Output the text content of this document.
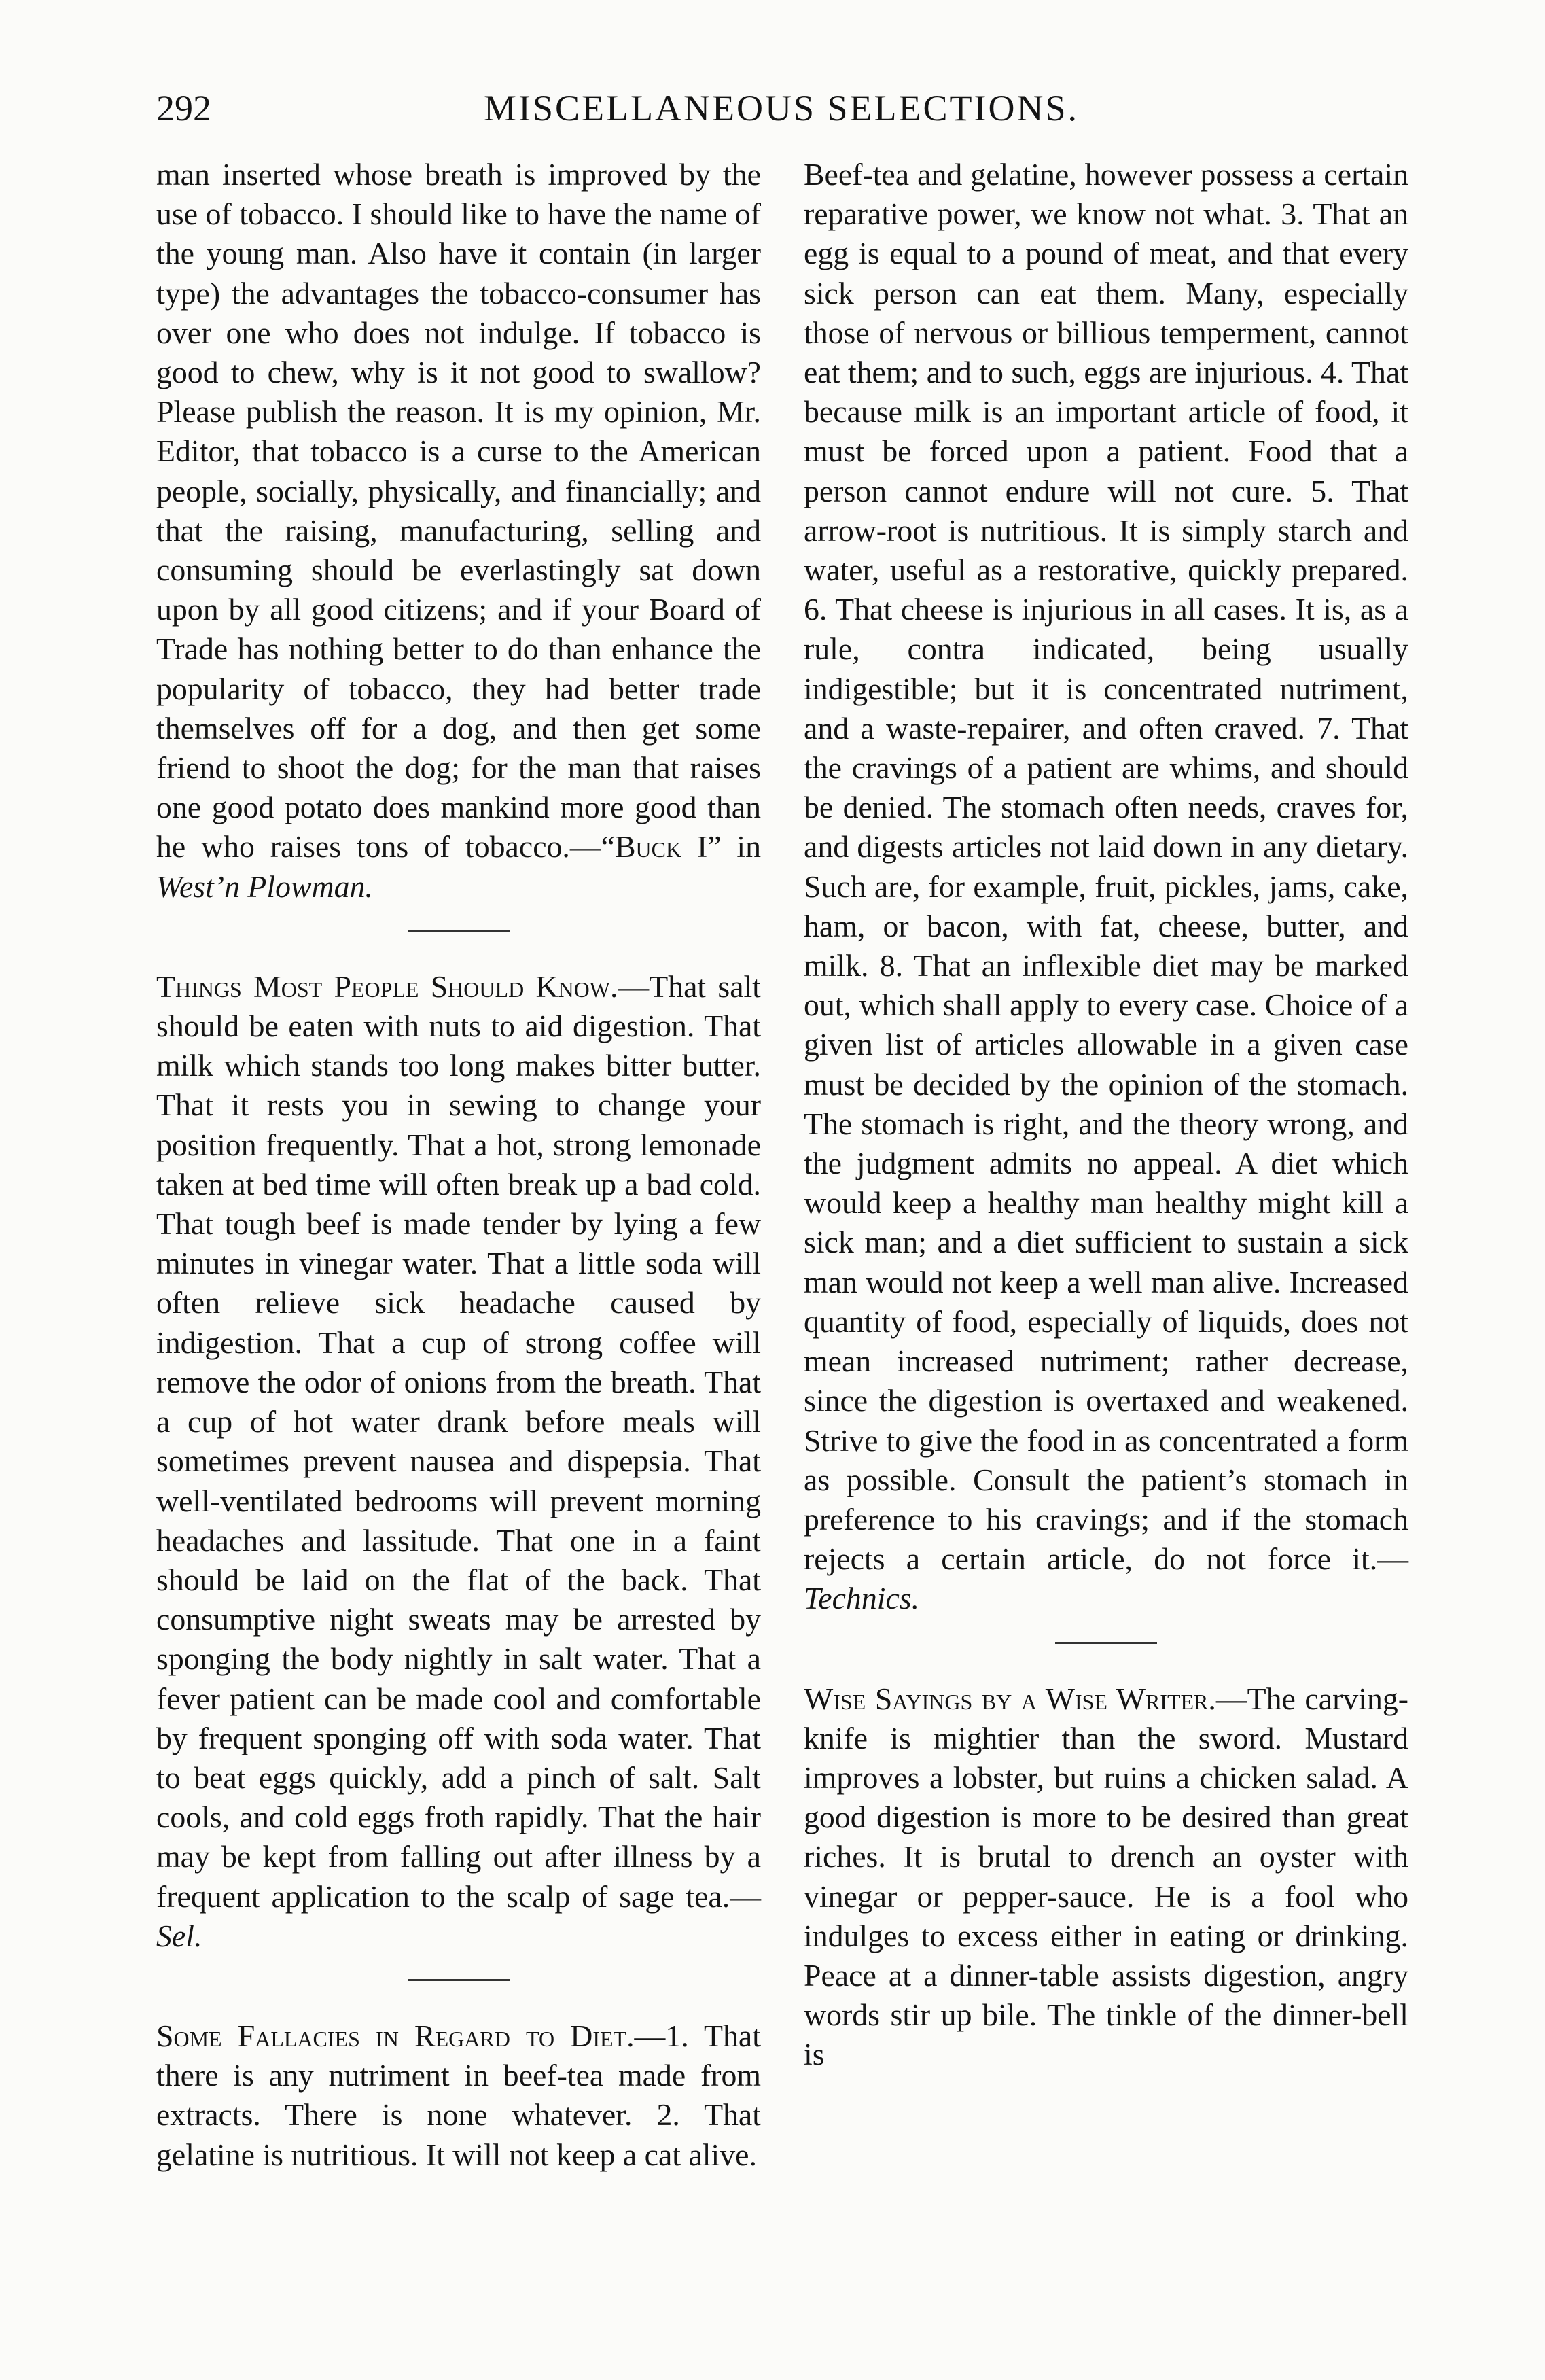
292	MISCELLANEOUS SELECTIONS.

man inserted whose breath is improved by the use of tobacco. I should like to have the name of the young man. Also have it contain (in larger type) the advantages the tobacco-consumer has over one who does not indulge. If tobacco is good to chew, why is it not good to swallow? Please publish the reason. It is my opinion, Mr. Editor, that tobacco is a curse to the American people, socially, physically, and financially; and that the raising, manufacturing, selling and consuming should be everlastingly sat down upon by all good citizens; and if your Board of Trade has nothing better to do than enhance the popularity of tobacco, they had better trade themselves off for a dog, and then get some friend to shoot the dog; for the man that raises one good potato does mankind more good than he who raises tons of tobacco.—“Buck I” in West’n Plowman.

Things Most People Should Know.—That salt should be eaten with nuts to aid digestion. That milk which stands too long makes bitter butter. That it rests you in sewing to change your position frequently. That a hot, strong lemonade taken at bed time will often break up a bad cold. That tough beef is made tender by lying a few minutes in vinegar water. That a little soda will often relieve sick headache caused by indigestion. That a cup of strong coffee will remove the odor of onions from the breath. That a cup of hot water drank before meals will sometimes prevent nausea and dispepsia. That well-ventilated bedrooms will prevent morning headaches and lassitude. That one in a faint should be laid on the flat of the back. That consumptive night sweats may be arrested by sponging the body nightly in salt water. That a fever patient can be made cool and comfortable by frequent sponging off with soda water. That to beat eggs quickly, add a pinch of salt. Salt cools, and cold eggs froth rapidly. That the hair may be kept from falling out after illness by a frequent application to the scalp of sage tea.—Sel.

Some Fallacies in Regard to Diet.—1. That there is any nutriment in beef-tea made from extracts. There is none whatever. 2. That gelatine is nutritious. It will not keep a cat alive.

Beef-tea and gelatine, however possess a certain reparative power, we know not what. 3. That an egg is equal to a pound of meat, and that every sick person can eat them. Many, especially those of nervous or billious temperment, cannot eat them; and to such, eggs are injurious. 4. That because milk is an important article of food, it must be forced upon a patient. Food that a person cannot endure will not cure. 5. That arrow-root is nutritious. It is simply starch and water, useful as a restorative, quickly prepared. 6. That cheese is injurious in all cases. It is, as a rule, contra indicated, being usually indigestible; but it is concentrated nutriment, and a waste-repairer, and often craved. 7. That the cravings of a patient are whims, and should be denied. The stomach often needs, craves for, and digests articles not laid down in any dietary. Such are, for example, fruit, pickles, jams, cake, ham, or bacon, with fat, cheese, butter, and milk. 8. That an inflexible diet may be marked out, which shall apply to every case. Choice of a given list of articles allowable in a given case must be decided by the opinion of the stomach. The stomach is right, and the theory wrong, and the judgment admits no appeal. A diet which would keep a healthy man healthy might kill a sick man; and a diet sufficient to sustain a sick man would not keep a well man alive. Increased quantity of food, especially of liquids, does not mean increased nutriment; rather decrease, since the digestion is overtaxed and weakened. Strive to give the food in as concentrated a form as possible. Consult the patient’s stomach in preference to his cravings; and if the stomach rejects a certain article, do not force it.—Technics.

Wise Sayings by a Wise Writer.—The carving-knife is mightier than the sword. Mustard improves a lobster, but ruins a chicken salad. A good digestion is more to be desired than great riches. It is brutal to drench an oyster with vinegar or pepper-sauce. He is a fool who indulges to excess either in eating or drinking. Peace at a dinner-table assists digestion, angry words stir up bile. The tinkle of the dinner-bell is
